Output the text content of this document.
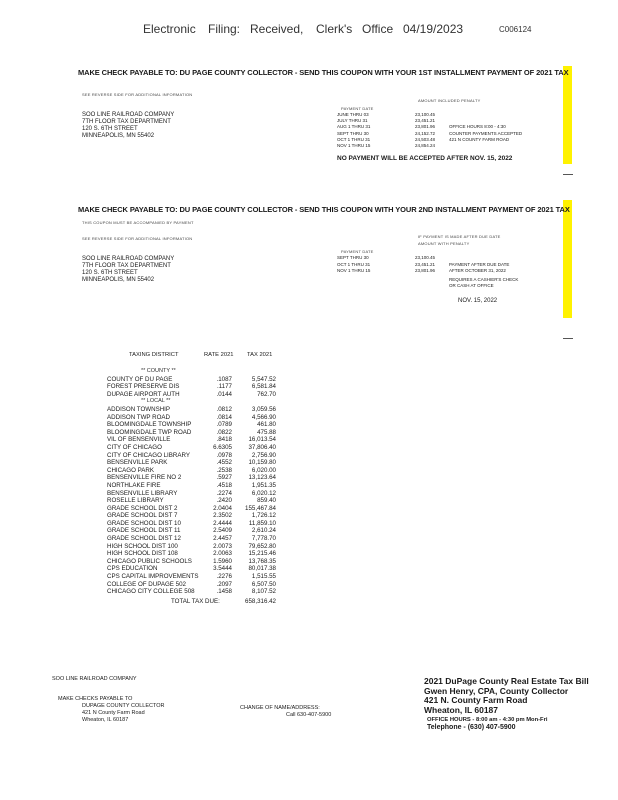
Electronic Filing: Received, Clerk's Office 04/19/2023	C006124
MAKE CHECK PAYABLE TO: DU PAGE COUNTY COLLECTOR - SEND THIS COUPON WITH YOUR 1ST INSTALLMENT PAYMENT OF 2021 TAX
SEE REVERSE SIDE FOR ADDITIONAL INFORMATION
AMOUNT INCLUDED PENALTY
SOO LINE RAILROAD COMPANY
7TH FLOOR TAX DEPARTMENT
120 S. 6TH STREET
MINNEAPOLIS, MN 55402
PAYMENT DATE
JUNE THRU 03	23,100.45
JULY THRU 31	23,451.21
AUG 1 THRU 31	23,801.96	OFFICE HOURS 8:00 - 4:30
SEPT THRU 30	24,152.72	COUNTER PAYMENTS ACCEPTED
OCT 1 THRU 31	24,503.48	421 N COUNTY FARM ROAD
NOV 1 THRU 15	24,854.24
NO PAYMENT WILL BE ACCEPTED AFTER NOV. 15, 2022
MAKE CHECK PAYABLE TO: DU PAGE COUNTY COLLECTOR - SEND THIS COUPON WITH YOUR 2ND INSTALLMENT PAYMENT OF 2021 TAX
THIS COUPON MUST BE ACCOMPANIED BY PAYMENT
SEE REVERSE SIDE FOR ADDITIONAL INFORMATION	IF PAYMENT IS MADE AFTER DUE DATE
AMOUNT WITH PENALTY
SOO LINE RAILROAD COMPANY
7TH FLOOR TAX DEPARTMENT
120 S. 6TH STREET
MINNEAPOLIS, MN 55402
PAYMENT DATE
SEPT THRU 30	23,100.45
OCT 1 THRU 31	23,451.21	PAYMENT AFTER DUE DATE
NOV 1 THRU 15	23,801.96	AFTER OCTOBER 31, 2022
REQUIRES A CASHIER'S CHECK
OR CASH AT OFFICE
NOV. 15, 2022
TAXING DISTRICT	RATE 2021 TAX 2021
** COUNTY **
COUNTY OF DU PAGE	.1087	5,547.52
FOREST PRESERVE DIS	.1177	6,581.84
DUPAGE AIRPORT AUTH	.0144	762.70
** LOCAL **
ADDISON TOWNSHIP	.0812	3,059.56
ADDISON TWP ROAD	.0814	4,566.90
BLOOMINGDALE TOWNSHIP	.0789	461.80
BLOOMINGDALE TWP ROAD	.0822	475.88
VIL OF BENSENVILLE	.8418	16,013.54
CITY OF CHICAGO	6.6305	37,806.40
CITY OF CHICAGO LIBRARY	.0978	2,756.90
BENSENVILLE PARK	.4552	10,159.80
CHICAGO PARK	.2538	6,020.00
BENSENVILLE FIRE NO 2	.5927	13,123.64
NORTHLAKE FIRE	.4518	1,951.35
BENSENVILLE LIBRARY	.2274	6,020.12
ROSELLE LIBRARY	.2420	859.40
GRADE SCHOOL DIST 2	2.0404 155,467.84
GRADE SCHOOL DIST 7	2.3502	1,726.12
GRADE SCHOOL DIST 10	2.4444	11,859.10
GRADE SCHOOL DIST 11	2.5409	2,610.24
GRADE SCHOOL DIST 12	2.4457	7,778.70
HIGH SCHOOL DIST 100	2.0073	79,652.80
HIGH SCHOOL DIST 108	2.0063	15,215.46
CHICAGO PUBLIC SCHOOLS	1.5960	13,768.35
CPS EDUCATION	3.5444	80,017.38
CPS CAPITAL IMPROVEMENTS	.2276	1,515.55
COLLEGE OF DUPAGE 502	.2097	6,507.50
CHICAGO CITY COLLEGE 508	.1458	8,107.52
TOTAL TAX DUE:	658,316.42
SOO LINE RAILROAD COMPANY
MAKE CHECKS PAYABLE TO
DUPAGE COUNTY COLLECTOR
421 N County Farm Road
Wheaton, IL 60187
CHANGE OF NAME/ADDRESS:
Call 630-407-5900
2021 DuPage County Real Estate Tax Bill
Gwen Henry, CPA, County Collector
421 N. County Farm Road
Wheaton, IL 60187
OFFICE HOURS - 8:00 am - 4:30 pm Mon-Fri
Telephone - (630) 407-5900
